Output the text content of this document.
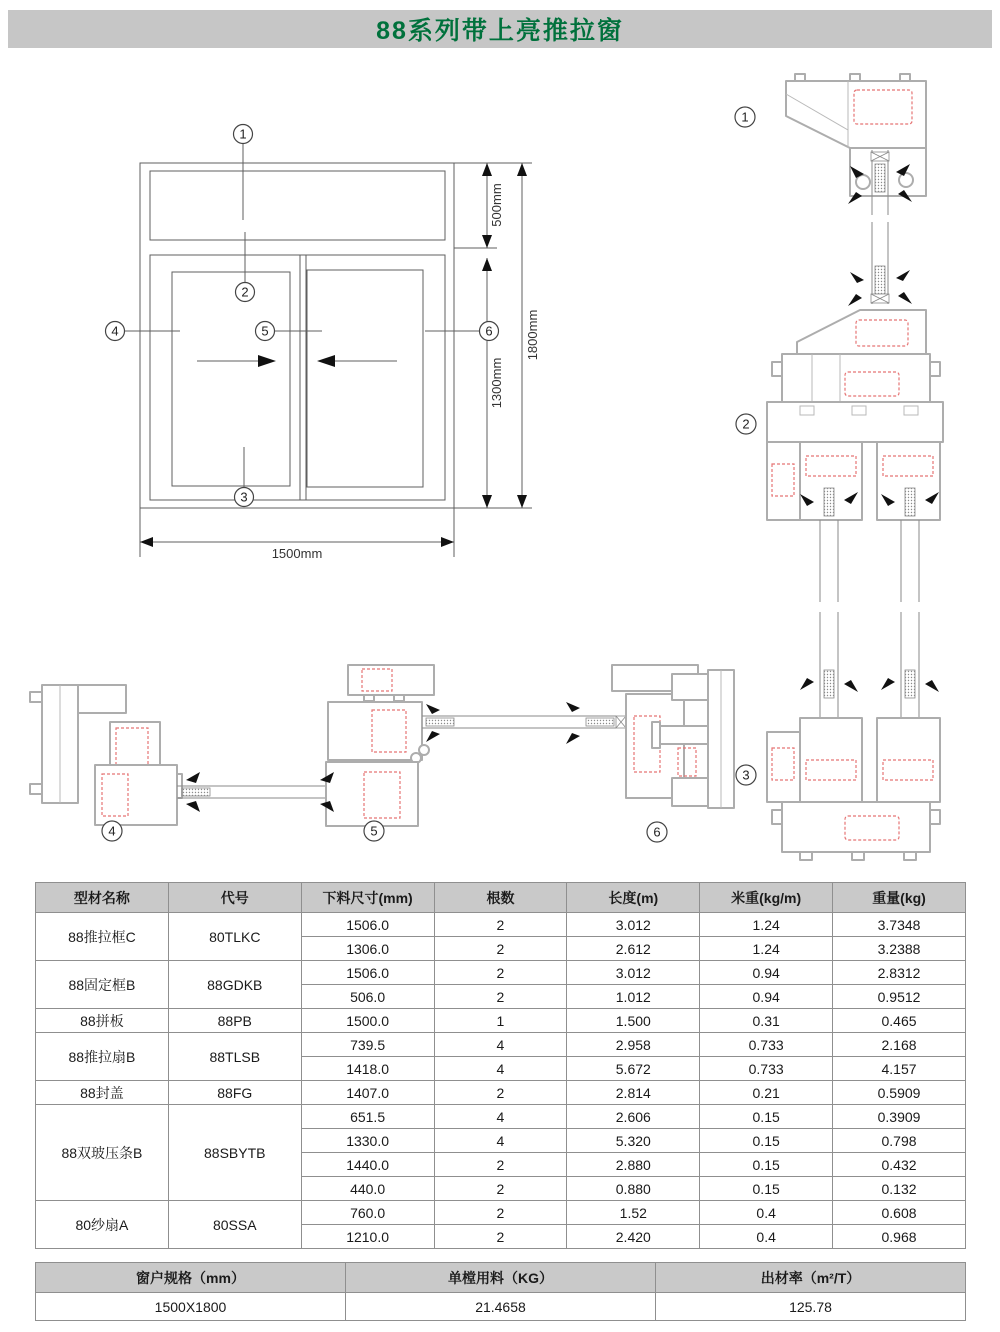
88系列带上亮推拉窗
500mm
1300mm
1800mm
1500mm
1
2
3
4	5	6
1
2
3
4	5	6
型材名称	代号	下料尺寸(mm)	根数	长度(m)	米重(kg/m)	重量(kg)
88推拉框C	80TLKC	1506.0	2	3.012	1.24	3.7348
		1306.0	2	2.612	1.24	3.2388
88固定框B	88GDKB	1506.0	2	3.012	0.94	2.8312
		506.0	2	1.012	0.94	0.9512
88拼板	88PB	1500.0	1	1.500	0.31	0.465
88推拉扇B	88TLSB	739.5	4	2.958	0.733	2.168
		1418.0	4	5.672	0.733	4.157
88封盖	88FG	1407.0	2	2.814	0.21	0.5909
88双玻压条B	88SBYTB	651.5	4	2.606	0.15	0.3909
		1330.0	4	5.320	0.15	0.798
		1440.0	2	2.880	0.15	0.432
		440.0	2	0.880	0.15	0.132
80纱扇A	80SSA	760.0	2	1.52	0.4	0.608
		1210.0	2	2.420	0.4	0.968
窗户规格（mm）	单樘用料（KG）	出材率（m²/T）
1500X1800	21.4658	125.78
